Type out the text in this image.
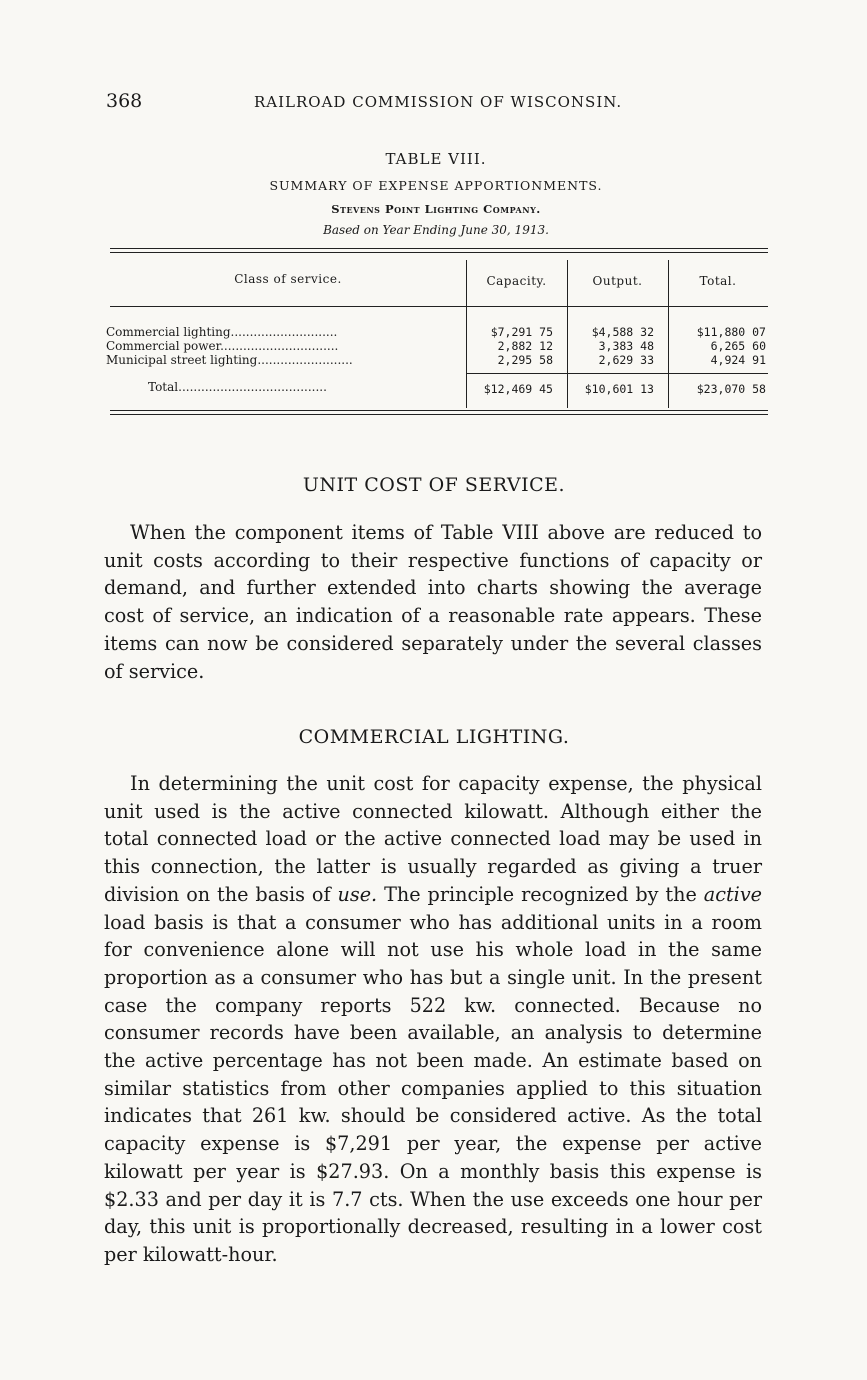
368	RAILROAD COMMISSION OF WISCONSIN.
TABLE VIII.
SUMMARY OF EXPENSE APPORTIONMENTS.
Stevens Point Lighting Company.
Based on Year Ending June 30, 1913.
Class of service.	Capacity.	Output.	Total.
Commercial lighting............................	$7,291 75	$4,588 32	$11,880 07
Commercial power...............................	2,882 12	3,383 48	6,265 60
Municipal street lighting.........................	2,295 58	2,629 33	4,924 91
Total.......................................	$12,469 45	$10,601 13	$23,070 58
UNIT COST OF SERVICE.

When the component items of Table VIII above are reduced to unit costs according to their respective functions of capacity or demand, and further extended into charts showing the average cost of service, an indication of a reasonable rate appears. These items can now be considered separately under the several classes of service.

COMMERCIAL LIGHTING.

In determining the unit cost for capacity expense, the physical unit used is the active connected kilowatt. Although either the total connected load or the active connected load may be used in this connection, the latter is usually regarded as giving a truer division on the basis of use. The principle recognized by the active load basis is that a consumer who has additional units in a room for convenience alone will not use his whole load in the same proportion as a consumer who has but a single unit. In the present case the company reports 522 kw. connected. Because no consumer records have been available, an analysis to determine the active percentage has not been made. An estimate based on similar statistics from other companies applied to this situation indicates that 261 kw. should be considered active. As the total capacity expense is $7,291 per year, the expense per active kilowatt per year is $27.93. On a monthly basis this expense is $2.33 and per day it is 7.7 cts. When the use exceeds one hour per day, this unit is proportionally decreased, resulting in a lower cost per kilowatt-hour.
